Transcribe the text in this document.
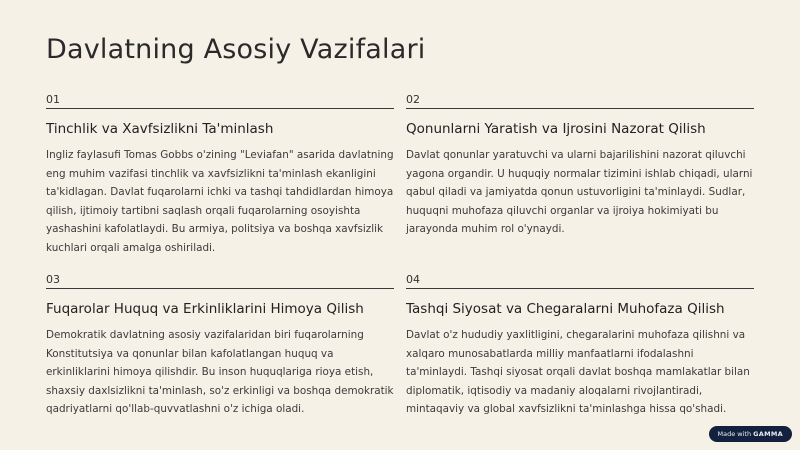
Davlatning Asosiy Vazifalari
01
Tinchlik va Xavfsizlikni Ta'minlash
Ingliz faylasufi Tomas Gobbs o'zining "Leviafan" asarida davlatning eng muhim vazifasi tinchlik va xavfsizlikni ta'minlash ekanligini ta'kidlagan. Davlat fuqarolarni ichki va tashqi tahdidlardan himoya qilish, ijtimoiy tartibni saqlash orqali fuqarolarning osoyishta yashashini kafolatlaydi. Bu armiya, politsiya va boshqa xavfsizlik kuchlari orqali amalga oshiriladi.
02
Qonunlarni Yaratish va Ijrosini Nazorat Qilish
Davlat qonunlar yaratuvchi va ularni bajarilishini nazorat qiluvchi yagona organdir. U huquqiy normalar tizimini ishlab chiqadi, ularni qabul qiladi va jamiyatda qonun ustuvorligini ta'minlaydi. Sudlar, huquqni muhofaza qiluvchi organlar va ijroiya hokimiyati bu jarayonda muhim rol o'ynaydi.
03
Fuqarolar Huquq va Erkinliklarini Himoya Qilish
Demokratik davlatning asosiy vazifalaridan biri fuqarolarning Konstitutsiya va qonunlar bilan kafolatlangan huquq va erkinliklarini himoya qilishdir. Bu inson huquqlariga rioya etish, shaxsiy daxlsizlikni ta'minlash, so'z erkinligi va boshqa demokratik qadriyatlarni qo'llab-quvvatlashni o'z ichiga oladi.
04
Tashqi Siyosat va Chegaralarni Muhofaza Qilish
Davlat o'z hududiy yaxlitligini, chegaralarini muhofaza qilishni va xalqaro munosabatlarda milliy manfaatlarni ifodalashni ta'minlaydi. Tashqi siyosat orqali davlat boshqa mamlakatlar bilan diplomatik, iqtisodiy va madaniy aloqalarni rivojlantiradi, mintaqaviy va global xavfsizlikni ta'minlashga hissa qo'shadi.
Made with GAMMA
